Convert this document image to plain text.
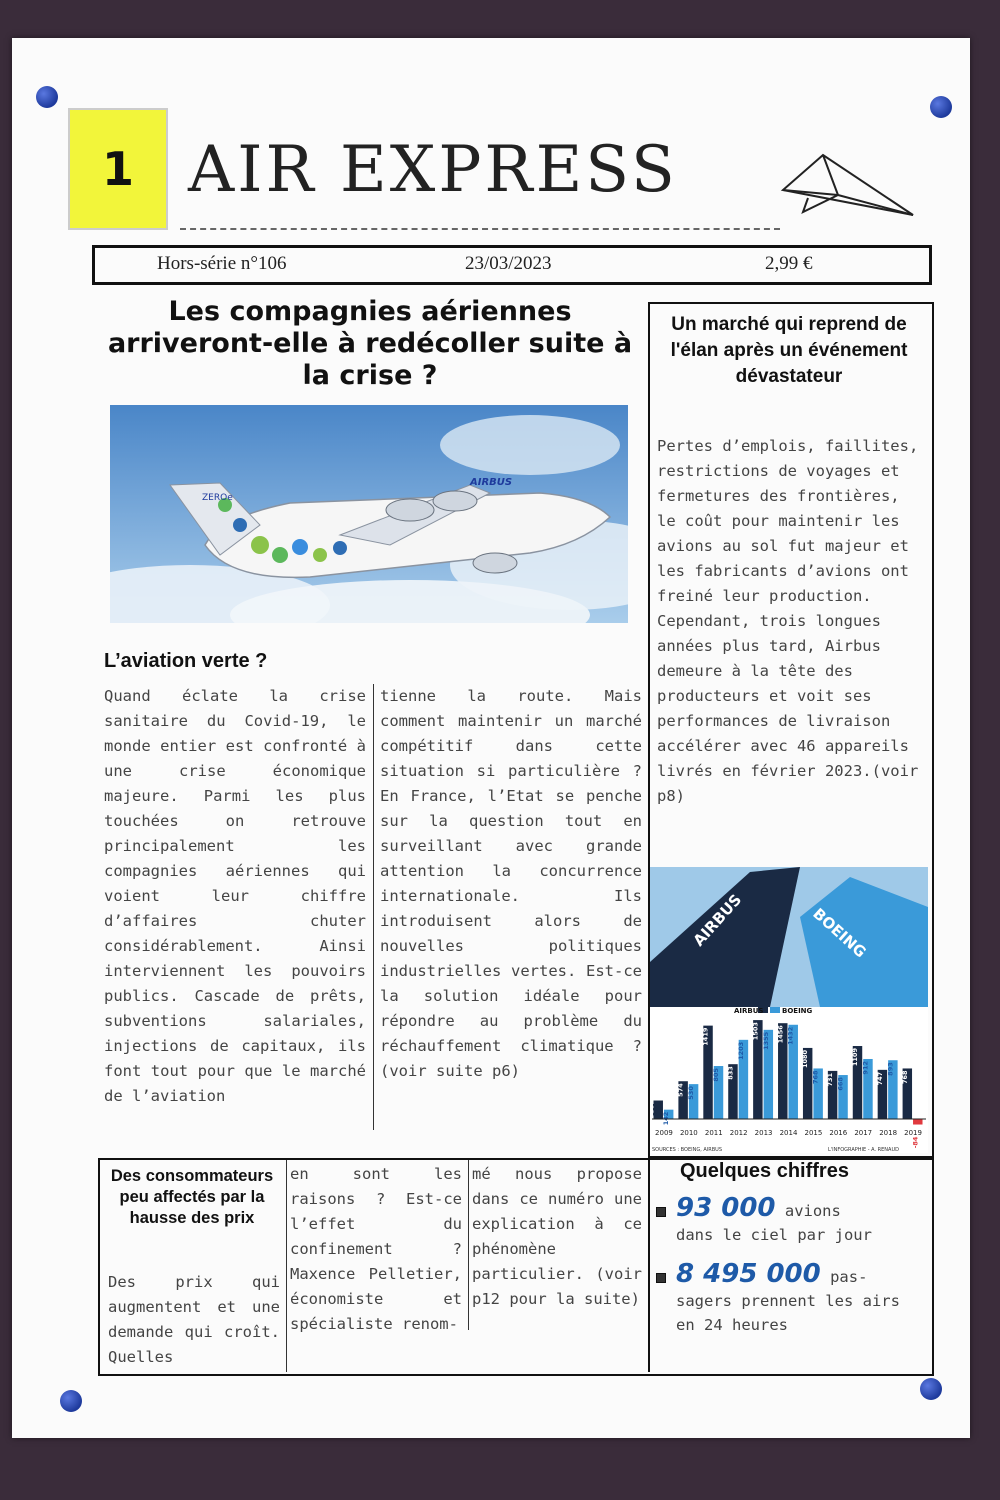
1 AIR EXPRESS
Hors-série n°106	23/03/2023	2,99 €
Les compagnies aériennes arriveront-elle à redécoller suite à la crise ?
AIRBUS
ZEROe
L’aviation verte ?

Quand éclate la crise sanitaire du Covid-19, le monde entier est confronté à une crise économique majeure. Parmi les plus touchées on retrouve principalement les compagnies aériennes qui voient leur chiffre d’affaires chuter considérablement. Ainsi interviennent les pouvoirs publics. Cascade de prêts, subventions salariales, injections de capitaux, ils font tout pour que le marché de l’aviation

tienne la route. Mais comment maintenir un marché compétitif dans cette situation si particulière ? En France, l’Etat se penche sur la question tout en surveillant avec grande attention la concurrence internationale. Ils introduisent alors de nouvelles politiques industrielles vertes. Est-ce la solution idéale pour répondre au problème du réchauffement climatique ? (voir suite p6)

Un marché qui reprend de l'élan après un événement dévastateur

Pertes d’emplois, faillites, restrictions de voyages et fermetures des frontières, le coût pour maintenir les avions au sol fut majeur et les fabricants d’avions ont freiné leur production. Cependant, trois longues années plus tard, Airbus demeure à la tête des producteurs et voit ses performances de livraison accélérer avec 46 appareils livrés en février 2023.(voir p8)

AIRBUS	BOEING
AIRBUS	BOEING
281
142
2009
574 530
2010
1419
805
2011
833
1203
2012
1503
1355
2013
1456 1432
2014
1080
768
2015
731 668
2016
1109
912
2017
747
893
2018
768
-84
2019
SOURCES : BOEING, AIRBUS	L'INFOGRAPHIE - A. RENAUD
Des consommateurs peu affectés par la hausse des prix

Des prix qui augmentent et une demande qui croît. Quelles

en sont les raisons ? Est-ce l’effet du confinement ? Maxence Pelletier, économiste et spécialiste renom-

mé nous propose dans ce numéro une explication à ce phénomène particulier. (voir p12 pour la suite)

Quelques chiffres
93 000 avions
dans le ciel par jour
8 495 000 pas-
sagers prennent les airs en 24 heures
